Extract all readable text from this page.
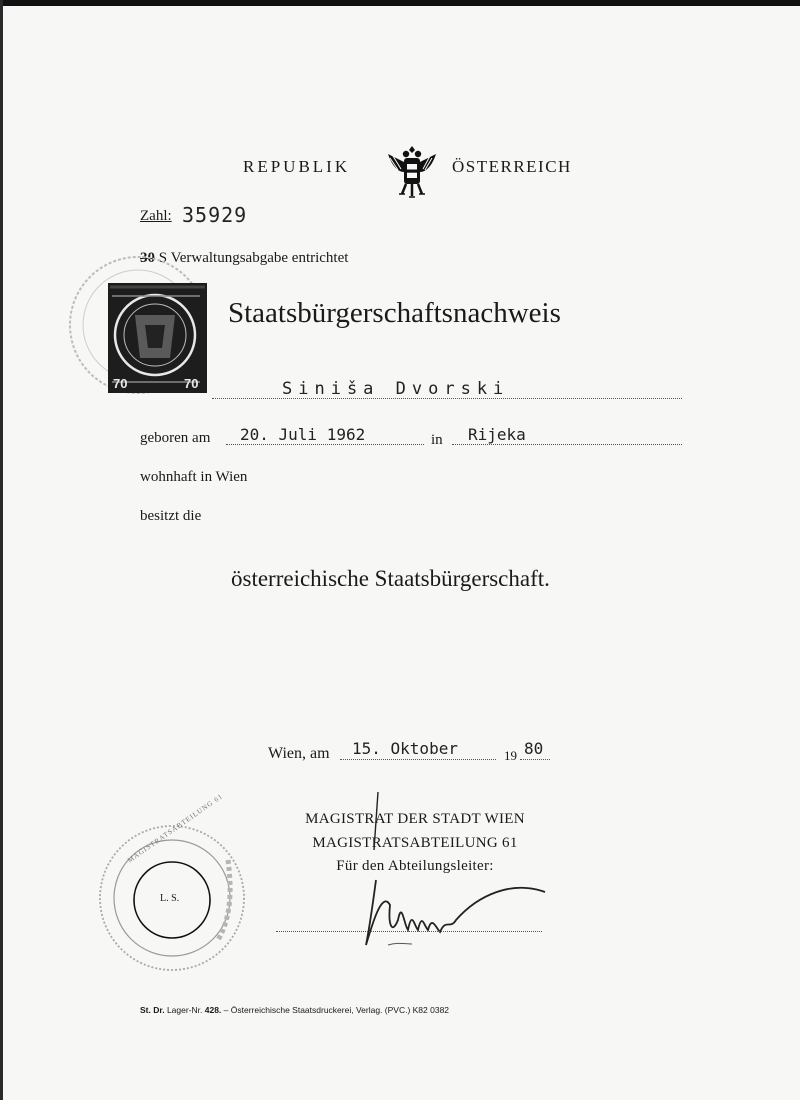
REPUBLIK	ÖSTERREICH
Zahl: 35929
30 S Verwaltungsabgabe entrichtet
70	70
Staatsbürgerschaftsnachweis
Siniša Dvorski
geboren am 20. Juli 1962	in Rijeka
wohnhaft in Wien
besitzt die
österreichische Staatsbürgerschaft.
Wien, am 15. Oktober	19 80
MAGISTRAT DER STADT WIEN
MAGISTRATSABTEILUNG 61
Für den Abteilungsleiter:
L. S.
MAGISTRATSABTEILUNG 61
St. Dr. Lager-Nr. 428. – Österreichische Staatsdruckerei, Verlag. (PVC.) K82 0382
